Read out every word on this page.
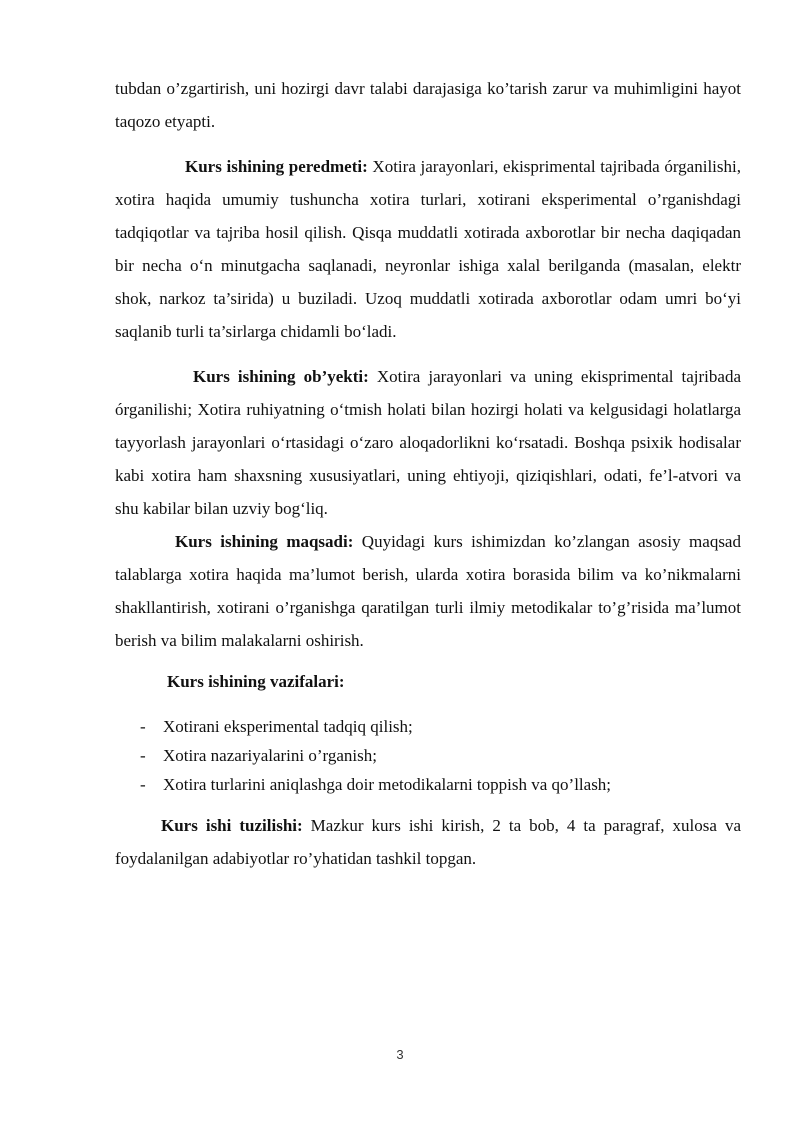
tubdan o’zgartirish, uni hozirgi davr talabi darajasiga ko’tarish zarur va muhimligini hayot taqozo etyapti.

Kurs ishining peredmeti: Xotira jarayonlari, ekisprimental tajribada órganilishi, xotira haqida umumiy tushuncha xotira turlari, xotirani eksperimental o’rganishdagi tadqiqotlar va tajriba hosil qilish. Qisqa muddatli xotirada axborotlar bir necha daqiqadan bir necha o‘n minutgacha saqlanadi, neyronlar ishiga xalal berilganda (masalan, elektr shok, narkoz ta’sirida) u buziladi. Uzoq muddatli xotirada axborotlar odam umri bo‘yi saqlanib turli ta’sirlarga chidamli bo‘ladi.

Kurs ishining ob’yekti: Xotira jarayonlari va uning ekisprimental tajribada órganilishi; Xotira ruhiyatning o‘tmish holati bilan hozirgi holati va kelgusidagi holatlarga tayyorlash jarayonlari o‘rtasidagi o‘zaro aloqadorlikni ko‘rsatadi. Boshqa psixik hodisalar kabi xotira ham shaxsning xususiyatlari, uning ehtiyoji, qiziqishlari, odati, fe’l-atvori va shu kabilar bilan uzviy bog‘liq.

Kurs ishining maqsadi: Quyidagi kurs ishimizdan ko’zlangan asosiy maqsad talablarga xotira haqida ma’lumot berish, ularda xotira borasida bilim va ko’nikmalarni shakllantirish, xotirani o’rganishga qaratilgan turli ilmiy metodikalar to’g’risida ma’lumot berish va bilim malakalarni oshirish.

Kurs ishining vazifalari:

- Xotirani eksperimental tadqiq qilish;
- Xotira nazariyalarini o’rganish;
- Xotira turlarini aniqlashga doir metodikalarni toppish va qo’llash;

Kurs ishi tuzilishi: Mazkur kurs ishi kirish, 2 ta bob, 4 ta paragraf, xulosa va foydalanilgan adabiyotlar ro’yhatidan tashkil topgan.

3
